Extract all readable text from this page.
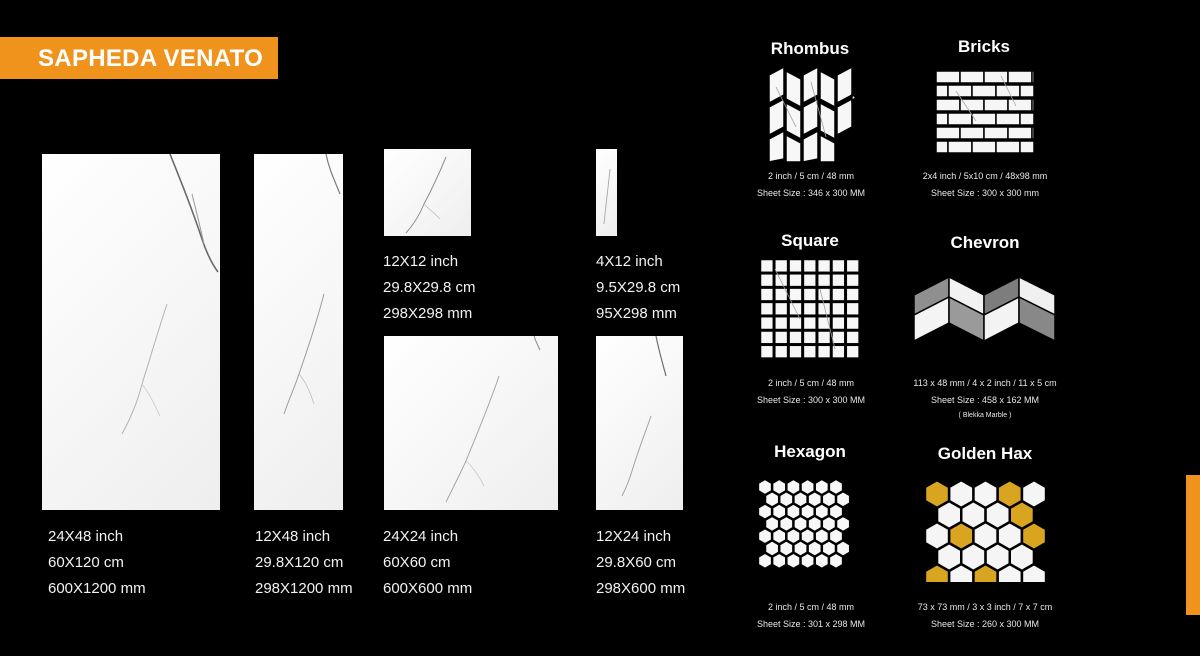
SAPHEDA VENATO
24X48 inch
60X120 cm
600X1200 mm
12X48 inch
29.8X120 cm
298X1200 mm
12X12 inch
29.8X29.8 cm
298X298 mm
4X12 inch
9.5X29.8 cm
95X298 mm
24X24 inch
60X60 cm
600X600 mm
12X24 inch
29.8X60 cm
298X600 mm
Rhombus
2 inch / 5 cm / 48 mm
Sheet Size : 346 x 300 MM
Bricks
2x4 inch / 5x10 cm / 48x98 mm
Sheet Size : 300 x 300 mm
Square
2 inch / 5 cm / 48 mm
Sheet Size : 300 x 300 MM
Chevron
113 x 48 mm / 4 x 2 inch / 11 x 5 cm
Sheet Size : 458 x 162 MM
( Blekka Marble )
Hexagon
2 inch / 5 cm / 48 mm
Sheet Size : 301 x 298 MM
Golden Hax
73 x 73 mm / 3 x 3 inch / 7 x 7 cm
Sheet Size : 260 x 300 MM
